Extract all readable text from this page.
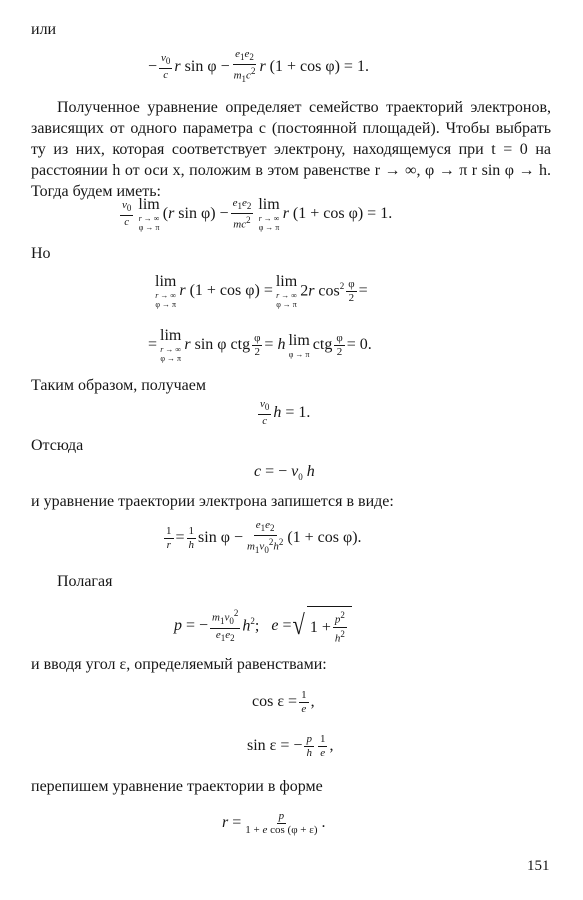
или
− $\frac{v_0}{c}$ r $\sin \varphi - \frac{e_1e_2}{m_1c^2}$ r (1 + cos φ) = 1.
Полученное уравнение определяет семейство траекторий электронов, зависящих от одного параметра c (постоянной площадей). Чтобы выбрать ту из них, которая соответствует электрону, находящемуся при t = 0 на расстоянии h от оси x, положим в этом равенстве r → ∞, φ → π r sin φ → h. Тогда будем иметь:
$v_0$
c
lim
r → ∞
φ → π
(r $\sin \varphi) - \frac{e_1e_2}{mc^2}$ lim
r → ∞
φ → π
r (1 + cos φ) = 1.
Но
lim
r → ∞
φ → π
r (1 + cos φ) =
lim
r → ∞
φ → π
2r $\cos^2 \frac{\varphi}{2}$ =
=
lim
r → ∞
φ → π
r sin φ ctg $\frac{\varphi}{2} = h$ lim
φ → π
ctg $\frac{\varphi}{2} = 0$.
Таким образом, получаем
$v_0$
c
h = 1.
Отсюда
c = − $v_0$ h
и уравнение траектории электрона запишется в виде:
$\frac{1}{r} = \frac{1}{h}$ $\sin \varphi - \frac{e_1e_2}{m_1v_0^2h^2} (1 + \cos \varphi)$.
Полагая
p = − $\frac{m_1v_0^2}{e_1e_2} h^2$; e = √ $1 + p^2$
$h^2$
и вводя угол ε, определяемый равенствами:
$\cos \varepsilon = \frac{1}{e}$ ,
sin ε = − $\frac{p}{h} 1$
e ,
перепишем уравнение траектории в форме
$r = \frac{p}{\text{1 + e cos (φ + ε)}}$ .
151
